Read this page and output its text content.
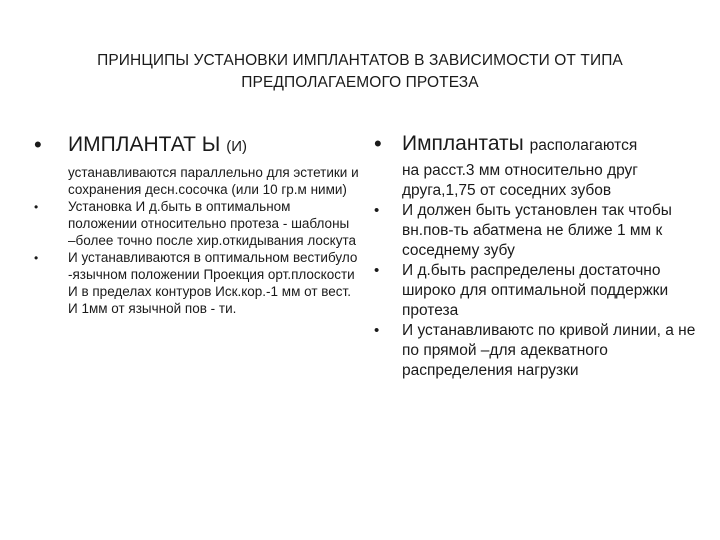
ПРИНЦИПЫ УСТАНОВКИ ИМПЛАНТАТОВ В ЗАВИСИМОСТИ ОТ ТИПА ПРЕДПОЛАГАЕМОГО ПРОТЕЗА
• ИМПЛАНТАТ Ы (И)
устанавливаются параллельно для эстетики и сохранения десн.сосочка (или 10 гр.м ними)
• Установка И д.быть в оптимальном положении относительно протеза - шаблоны –более точно после хир.откидывания лоскута
• И устанавливаются в оптимальном вестибуло -язычном положении Проекция орт.плоскости И в пределах контуров Иск.кор.-1 мм от вест. И 1мм от язычной пов - ти.
• Имплантаты располагаются
на расст.3 мм относительно друг друга,1,75 от соседних зубов
• И должен быть установлен так чтобы вн.пов-ть абатмена не ближе 1 мм к соседнему зубу
• И д.быть распределены достаточно широко для оптимальной поддержки протеза
• И устанавливаютс по кривой линии, а не по прямой –для адекватного распределения нагрузки
